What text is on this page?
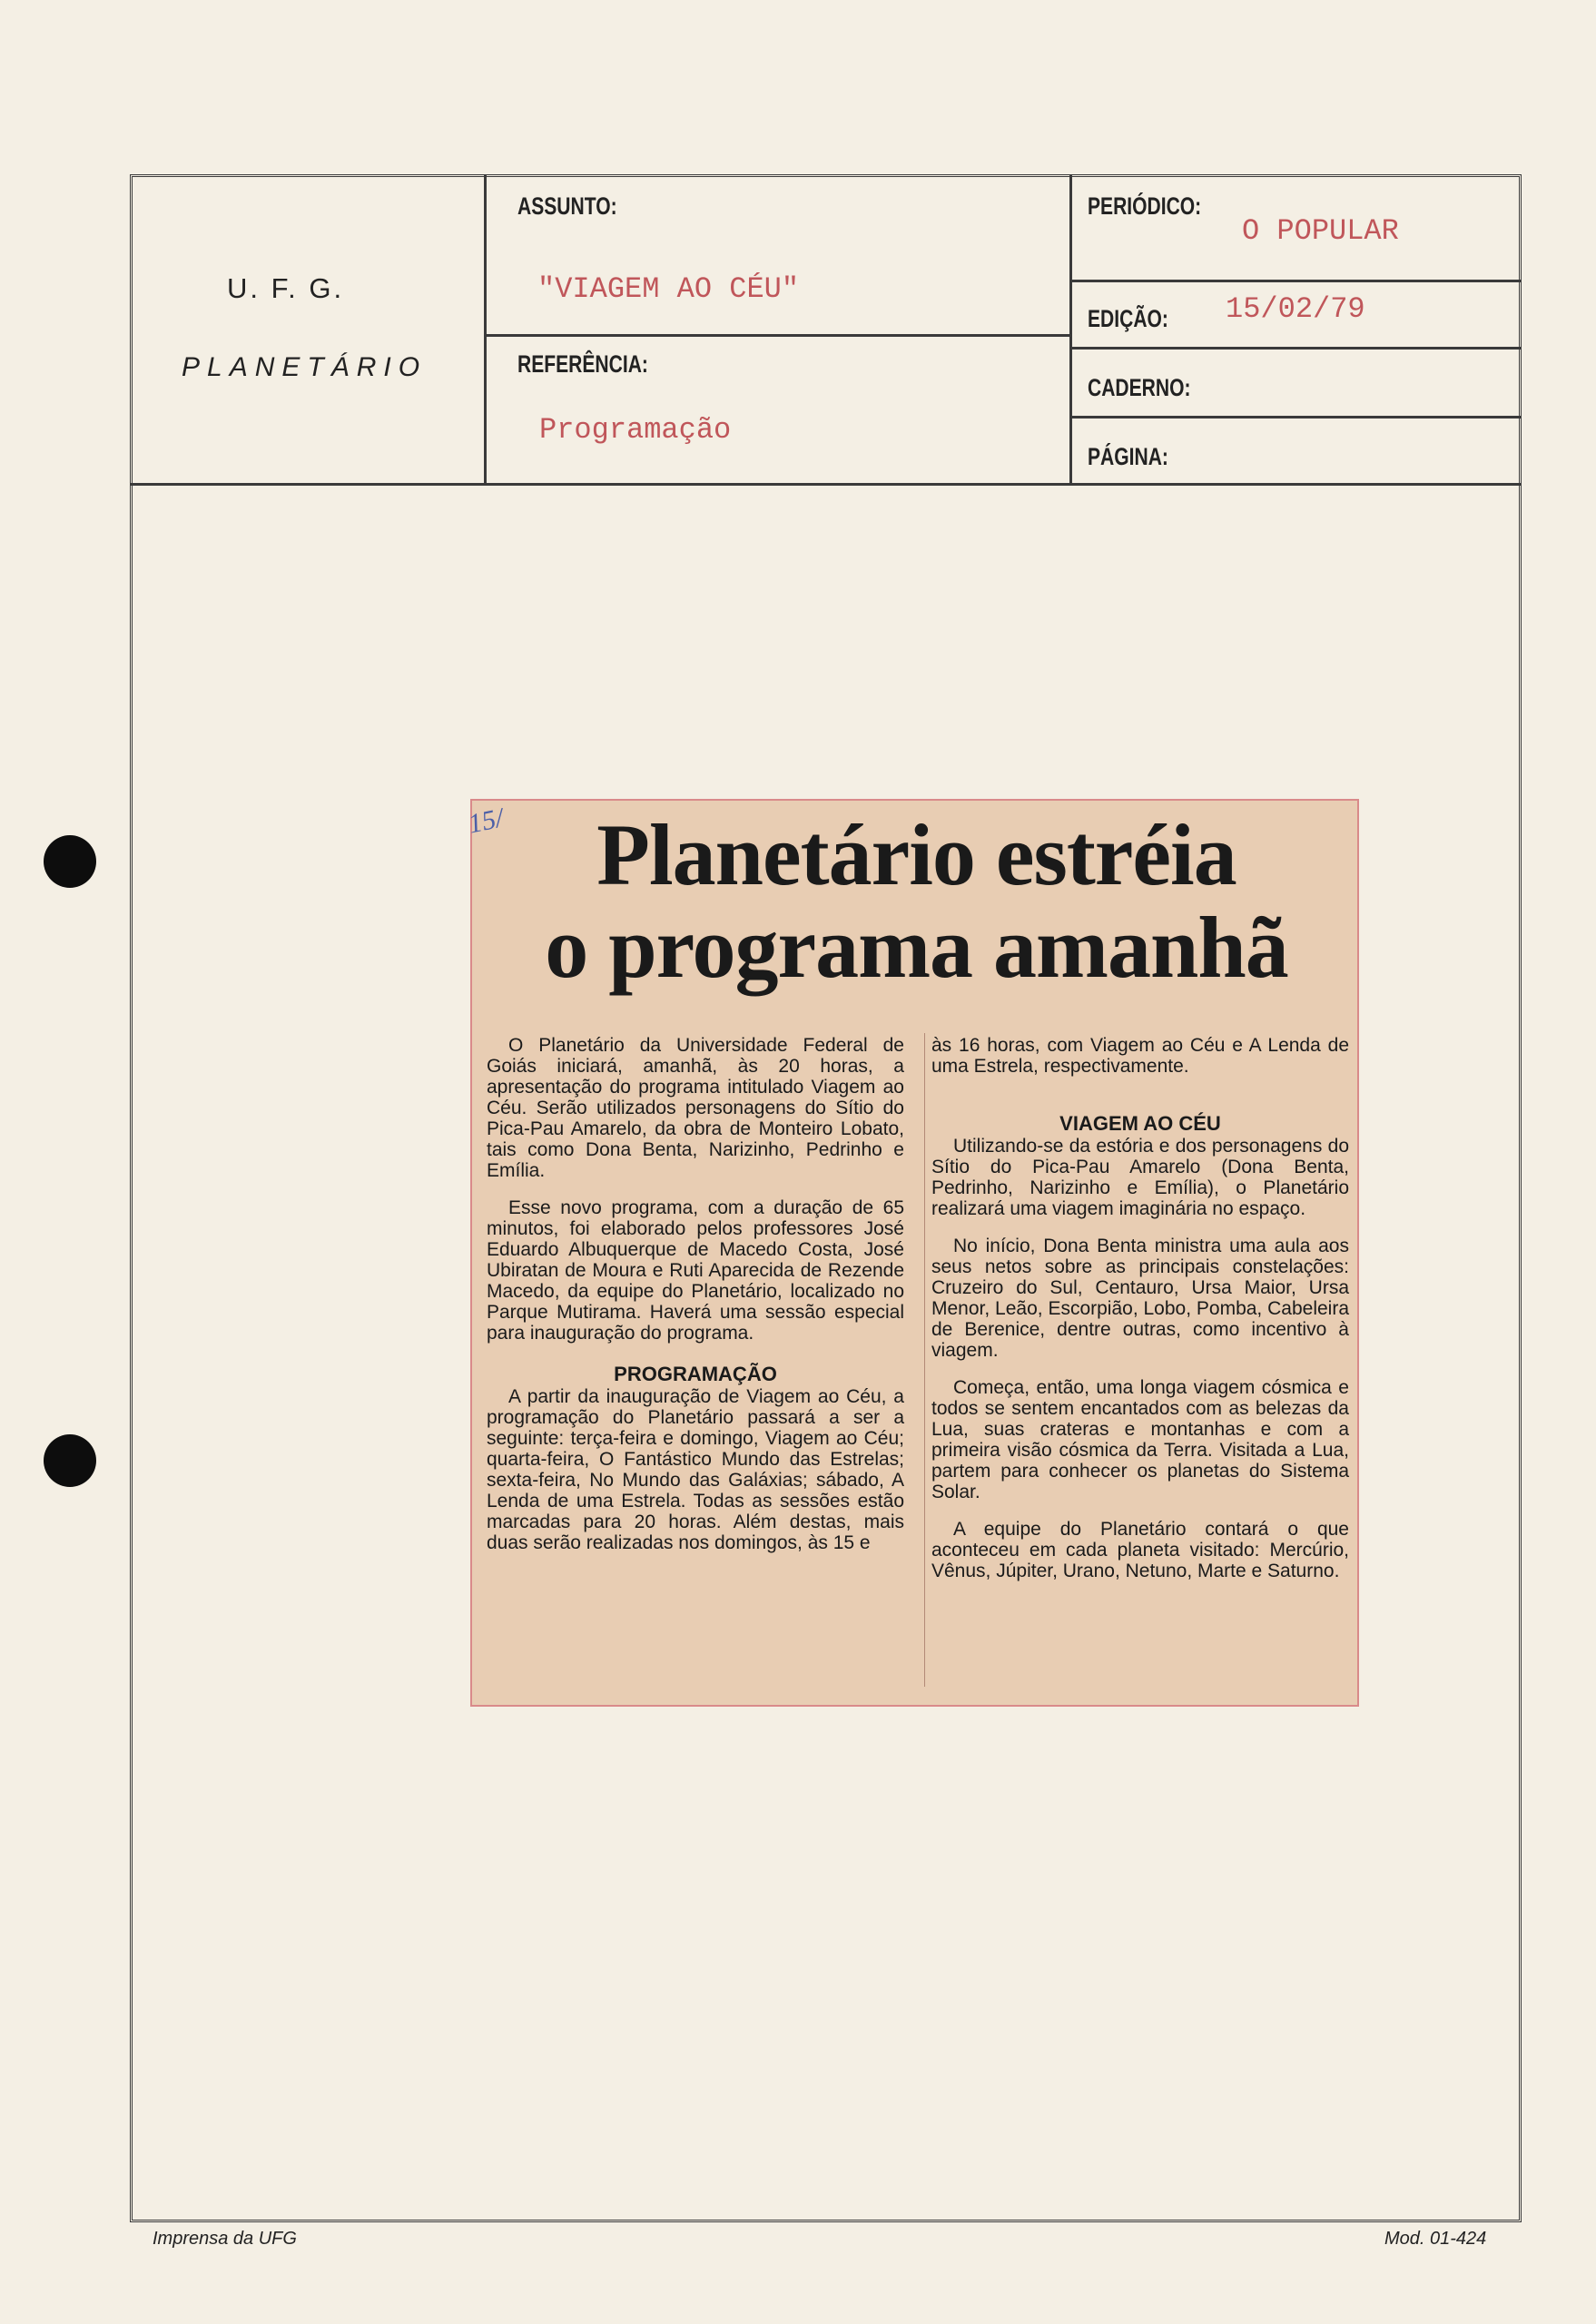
U. F. G.
PLANETÁRIO
ASSUNTO:
"VIAGEM AO CÉU"
REFERÊNCIA:
Programação
PERIÓDICO:
O POPULAR
EDIÇÃO: 15/02/79
CADERNO:
PÁGINA:
Planetário estréia
o programa amanhã

O Planetário da Universidade Federal de Goiás iniciará, amanhã, às 20 horas, a apresentação do programa intitulado Viagem ao Céu. Serão utilizados personagens do Sítio do Pica-Pau Amarelo, da obra de Monteiro Lobato, tais como Dona Benta, Narizinho, Pedrinho e Emília.

Esse novo programa, com a duração de 65 minutos, foi elaborado pelos professores José Eduardo Albuquerque de Macedo Costa, José Ubiratan de Moura e Ruti Aparecida de Rezende Macedo, da equipe do Planetário, localizado no Parque Mutirama. Haverá uma sessão especial para inauguração do programa.

PROGRAMAÇÃO

A partir da inauguração de Viagem ao Céu, a programação do Planetário passará a ser a seguinte: terça-feira e domingo, Viagem ao Céu; quarta-feira, O Fantástico Mundo das Estrelas; sexta-feira, No Mundo das Galáxias; sábado, A Lenda de uma Estrela. Todas as sessões estão marcadas para 20 horas. Além destas, mais duas serão realizadas nos domingos, às 15 e

às 16 horas, com Viagem ao Céu e A Lenda de uma Estrela, respectivamente.

VIAGEM AO CÉU

Utilizando-se da estória e dos personagens do Sítio do Pica-Pau Amarelo (Dona Benta, Pedrinho, Narizinho e Emília), o Planetário realizará uma viagem imaginária no espaço.

No início, Dona Benta ministra uma aula aos seus netos sobre as principais constelações: Cruzeiro do Sul, Centauro, Ursa Maior, Ursa Menor, Leão, Escorpião, Lobo, Pomba, Cabeleira de Berenice, dentre outras, como incentivo à viagem.

Começa, então, uma longa viagem cósmica e todos se sentem encantados com as belezas da Lua, suas crateras e montanhas e com a primeira visão cósmica da Terra. Visitada a Lua, partem para conhecer os planetas do Sistema Solar.

A equipe do Planetário contará o que aconteceu em cada planeta visitado: Mercúrio, Vênus, Júpiter, Urano, Netuno, Marte e Saturno.

15/
Imprensa da UFG	Mod. 01-424
